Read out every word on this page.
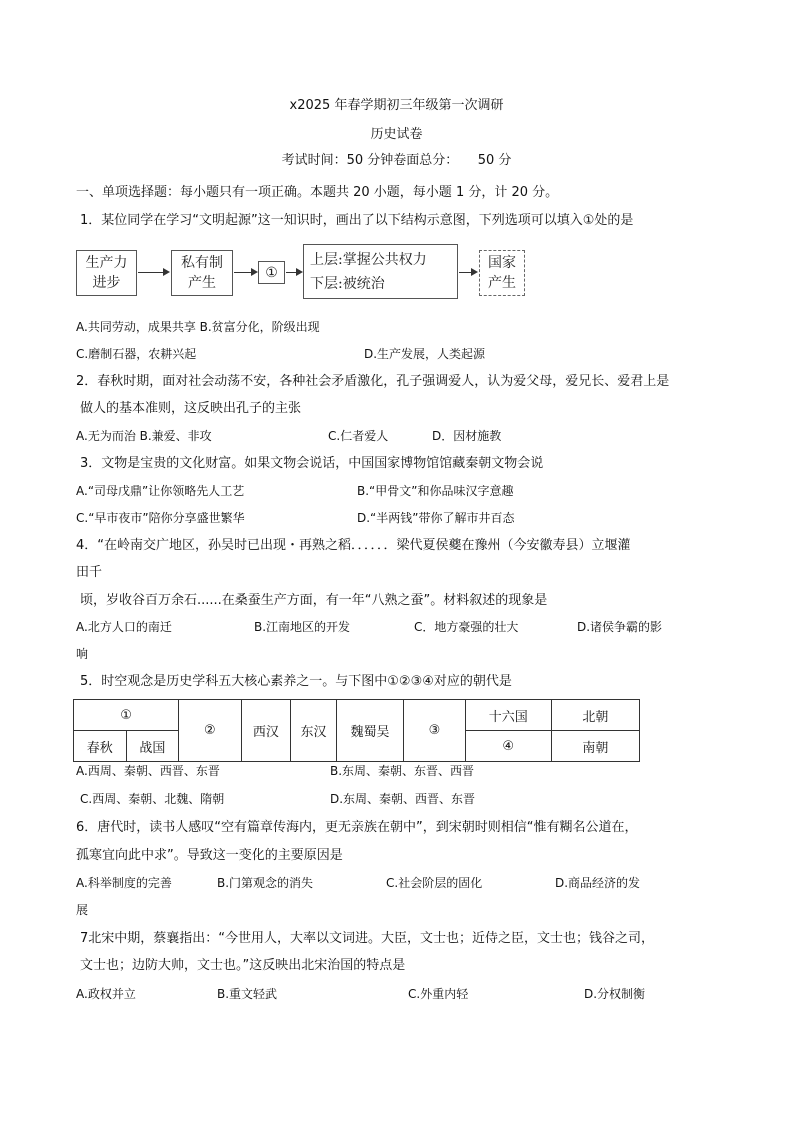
x2025 年春学期初三年级第一次调研
历史试卷
考试时间：50 分钟卷面总分：　　50 分
一、单项选择题：每小题只有一项正确。本题共 20 小题，每小题 1 分，计 20 分。
1．某位同学在学习“文明起源”这一知识时，画出了以下结构示意图，下列选项可以填入①处的是
生产力
进步
私有制
产生
①
上层:掌握公共权力
下层:被统治
国家
产生
A.共同劳动，成果共享 B.贫富分化，阶级出现
C.磨制石器，农耕兴起	D.生产发展，人类起源
2．春秋时期，面对社会动荡不安，各种社会矛盾激化，孔子强调爱人，认为爱父母，爱兄长、爱君上是
做人的基本准则，这反映出孔子的主张
A.无为而治 B.兼爱、非攻	C.仁者爱人	D．因材施教
3．文物是宝贵的文化财富。如果文物会说话，中国国家博物馆馆藏秦朝文物会说
A.“司母戊鼎”让你领略先人工艺	B.“甲骨文”和你品味汉字意趣
C.“早市夜市”陪你分享盛世繁华	D.“半两钱”带你了解市井百态
4．“在岭南交广地区，孙吴时已出现・再熟之稻．．．．．．梁代夏侯夔在豫州（今安徽寿县）立堰灌
田千
顷，岁收谷百万余石......在桑蚕生产方面，有一年“八熟之蚕”。材料叙述的现象是
A.北方人口的南迁	B.江南地区的开发	C．地方豪强的壮大	D.诸侯争霸的影
响
5．时空观念是历史学科五大核心素养之一。与下图中①②③④对应的朝代是
①		②	西汉	东汉	魏蜀吴	③	十六国	北朝
春秋	战国						④	南朝
A.西周、秦朝、西晋、东晋	B.东周、秦朝、东晋、西晋
C.西周、秦朝、北魏、隋朝	D.东周、秦朝、西晋、东晋
6．唐代时，读书人感叹“空有篇章传海内，更无亲族在朝中”，到宋朝时则相信“惟有糊名公道在，
孤寒宜向此中求”。导致这一变化的主要原因是
A.科举制度的完善	B.门第观念的消失	C.社会阶层的固化	D.商品经济的发
展
7北宋中期，蔡襄指出：“今世用人，大率以文词进。大臣，文士也；近侍之臣，文士也；钱谷之司，
文士也；边防大帅，文士也。”这反映出北宋治国的特点是
A.政权并立	B.重文轻武	C.外重内轻	D.分权制衡
